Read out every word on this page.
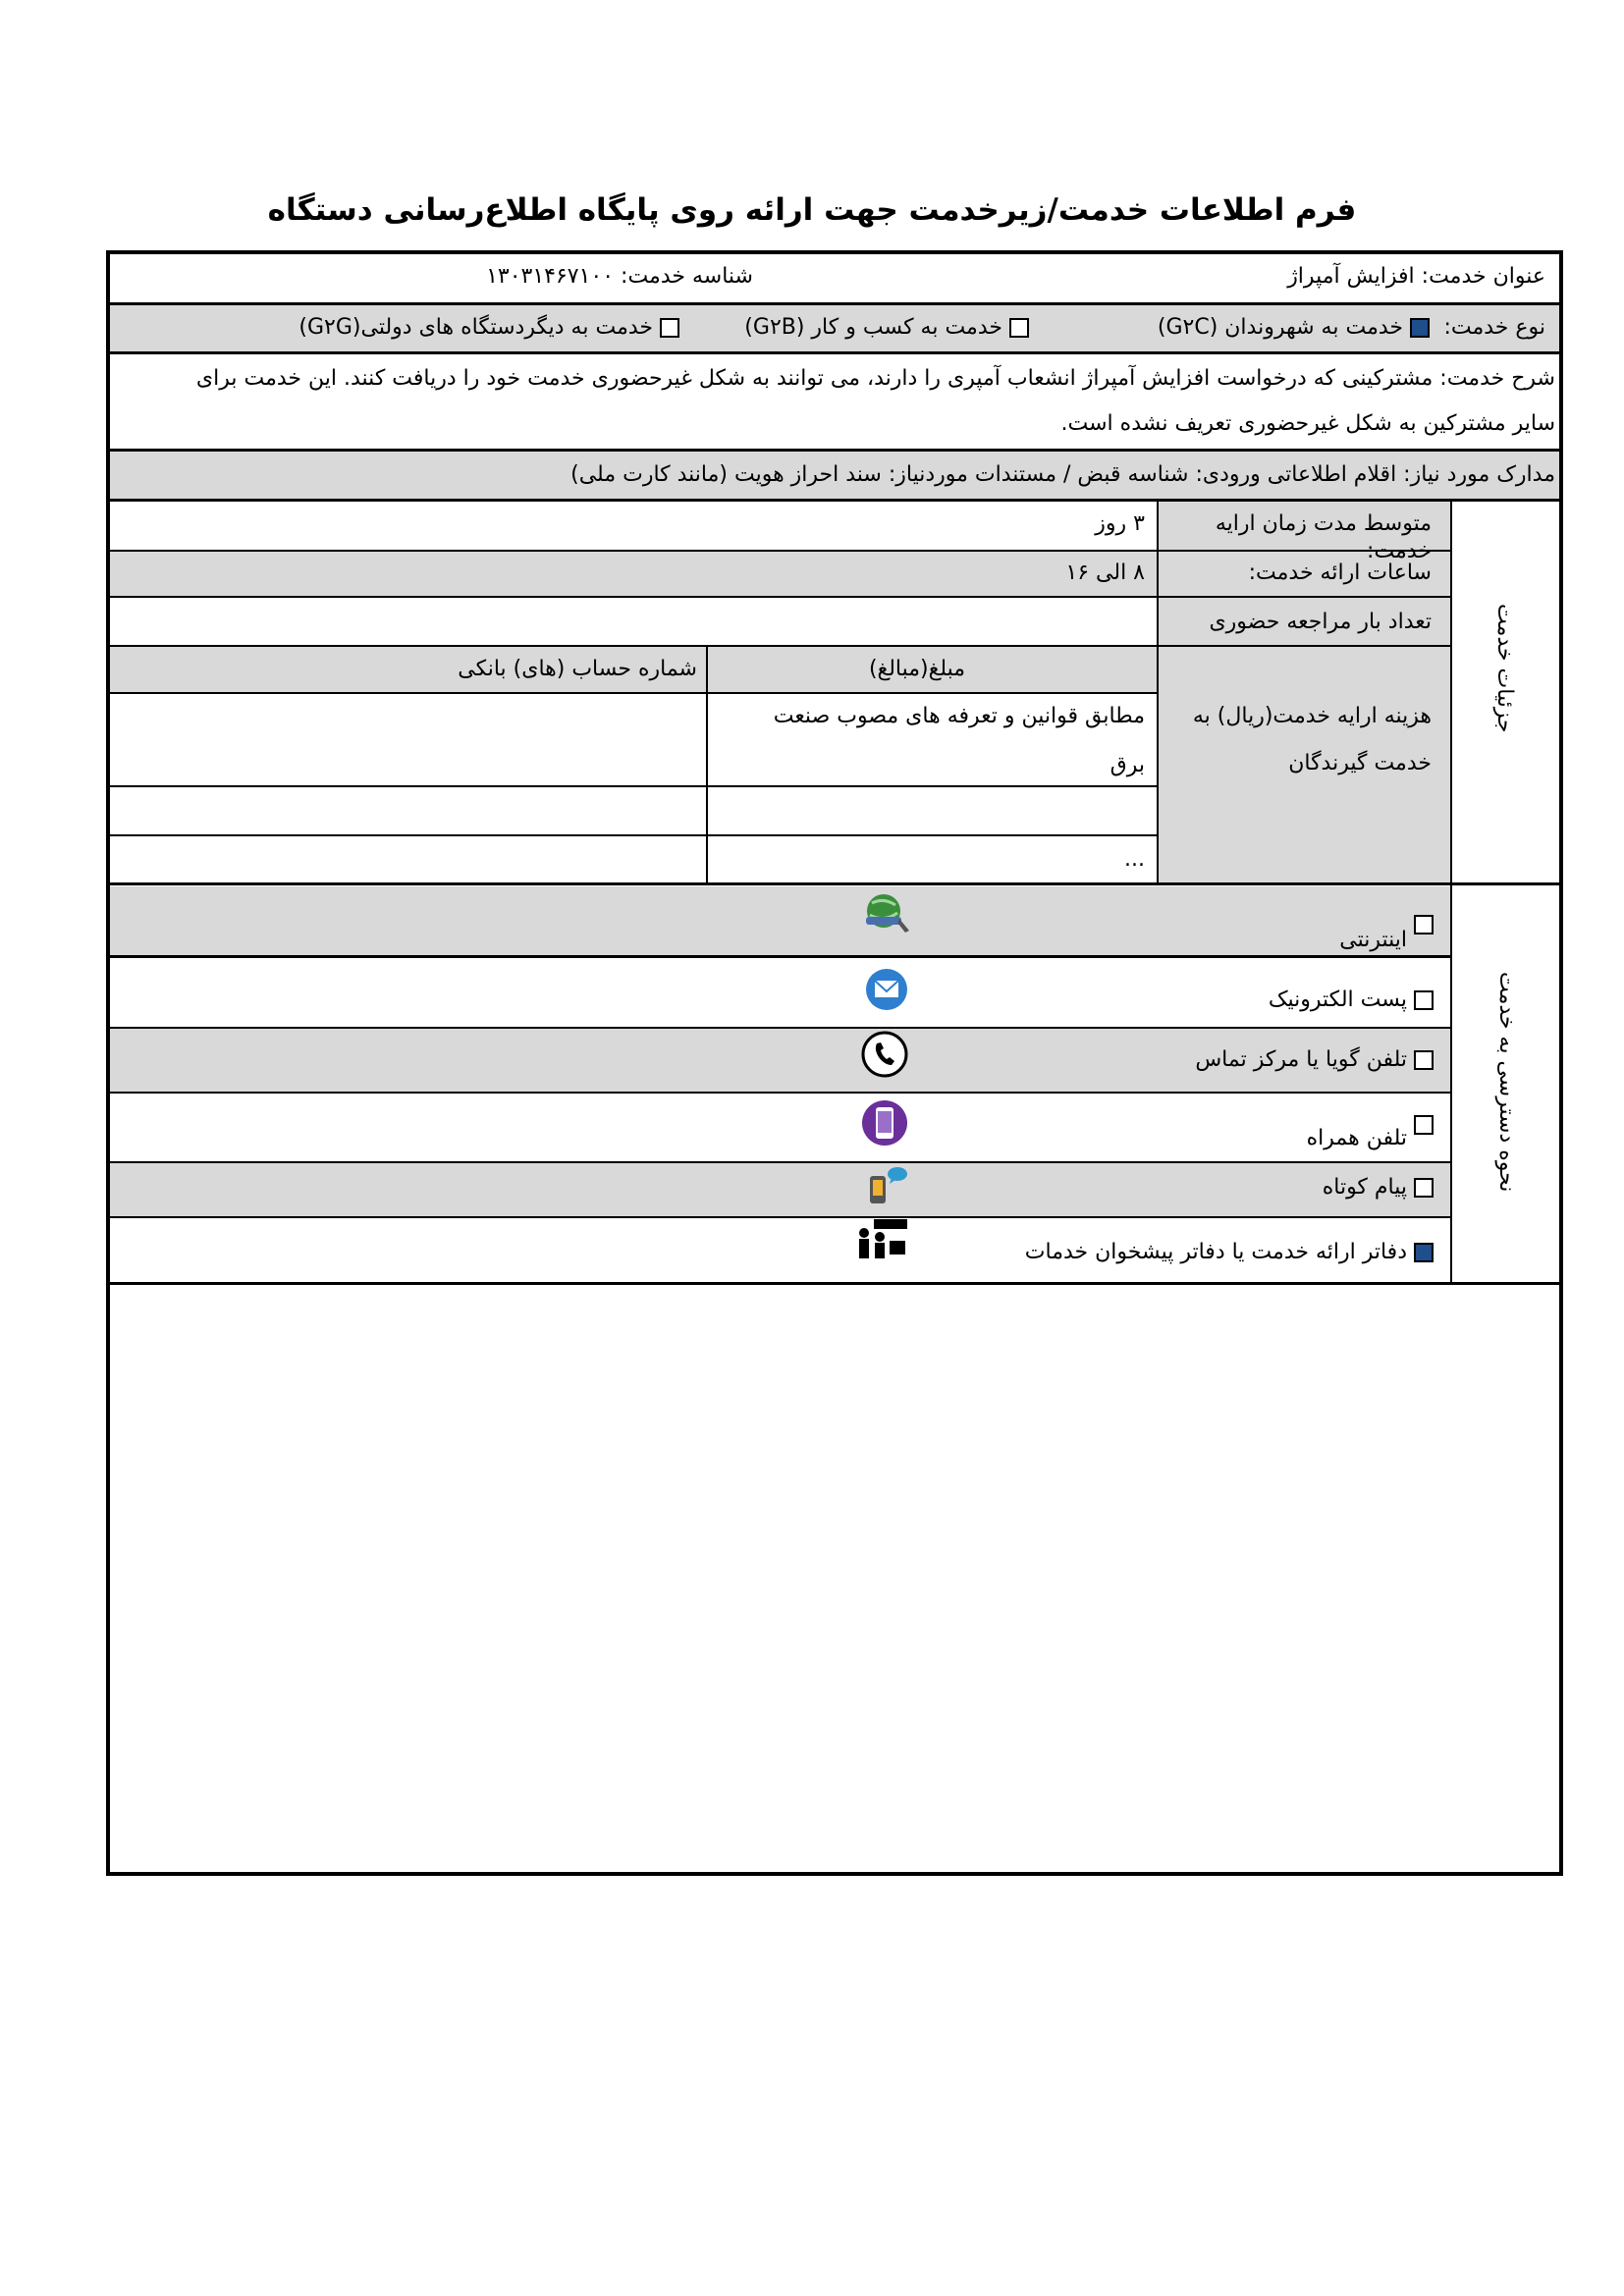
فرم اطلاعات خدمت/زیرخدمت جهت ارائه روی پایگاه اطلاع‌رسانی دستگاه
عنوان خدمت: افزایش آمپراژ
شناسه خدمت: ۱۳۰۳۱۴۶۷۱۰۰
نوع خدمت:
خدمت به شهروندان (G۲C)
خدمت به کسب و کار (G۲B)
خدمت به دیگردستگاه های دولتی(G۲G)
شرح خدمت: مشترکینی که درخواست افزایش آمپراژ انشعاب آمپری را دارند، می توانند به شکل غیرحضوری خدمت خود را دریافت کنند. این خدمت برای
سایر مشترکین به شکل غیرحضوری تعریف نشده است.
مدارک مورد نیاز: اقلام اطلاعاتی ورودی: شناسه قبض / مستندات موردنیاز: سند احراز هویت (مانند کارت ملی)
جزئیات خدمت
متوسط مدت زمان ارایه خدمت:
۳ روز
ساعات ارائه خدمت:
۸ الی ۱۶
تعداد بار مراجعه حضوری
هزینه ارایه خدمت(ریال) به
خدمت گیرندگان
مبلغ(مبالغ)
شماره حساب (های) بانکی
مطابق قوانین و تعرفه های مصوب صنعت
برق
...
نحوه دسترسی به خدمت
اینترنتی
پست الکترونیک
تلفن گویا یا مرکز تماس
تلفن همراه
پیام کوتاه
دفاتر ارائه خدمت یا دفاتر پیشخوان خدمات
